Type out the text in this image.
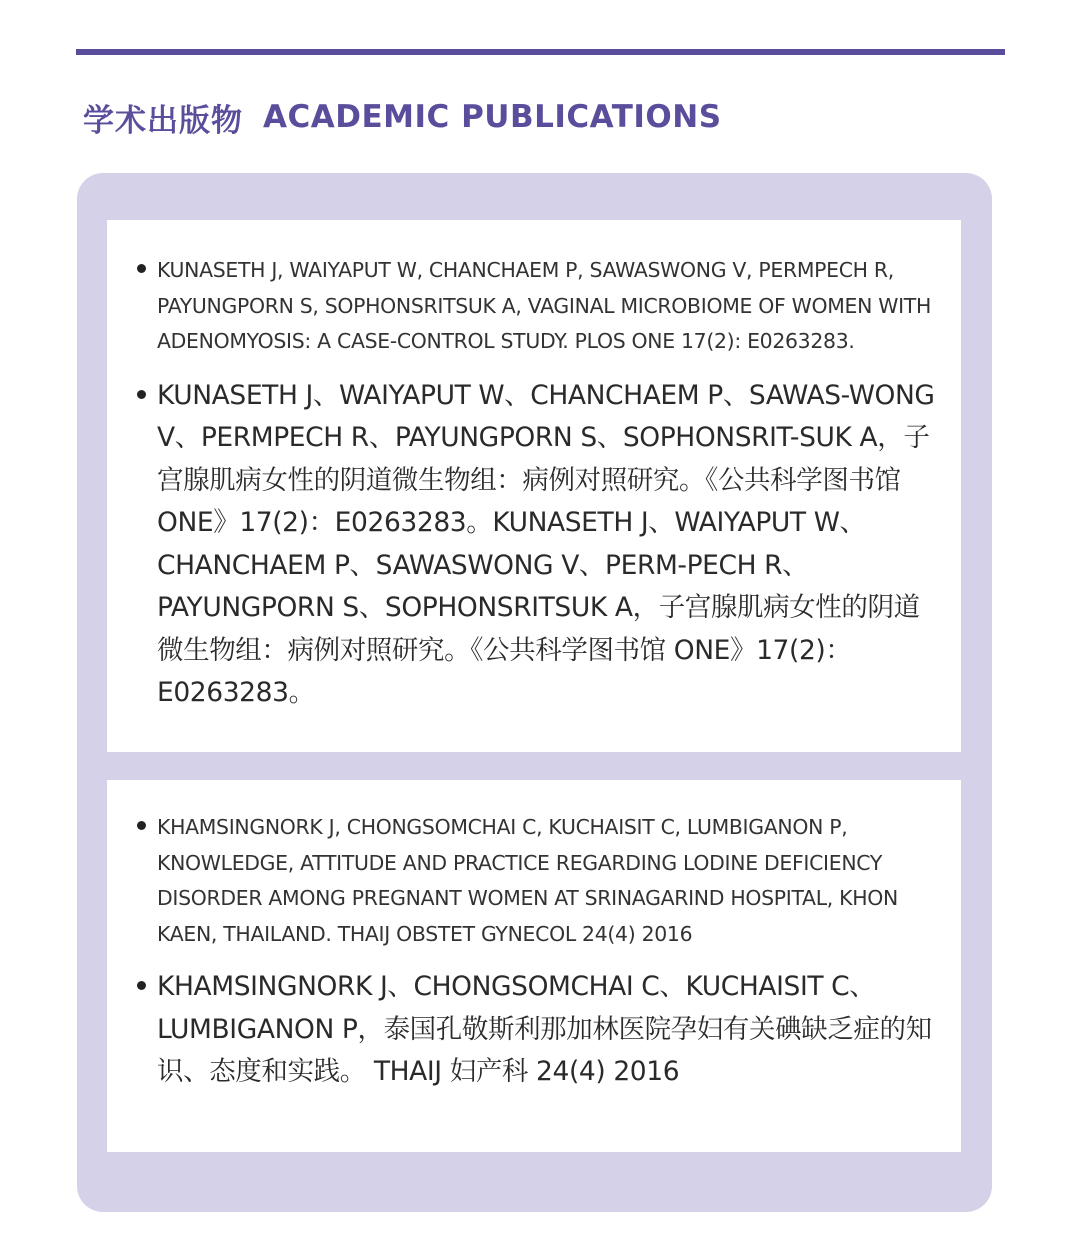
学术出版物 ACADEMIC PUBLICATIONS
KUNASETH J, WAIYAPUT W, CHANCHAEM P, SAWASWONG V, PERMPECH R, PAYUNGPORN S, SOPHONSRITSUK A, VAGINAL MICROBIOME OF WOMEN WITH ADENOMYOSIS: A CASE-CONTROL STUDY. PLOS ONE 17(2): E0263283.
KUNASETH J、WAIYAPUT W、CHANCHAEM P、SAWAS-WONG V、PERMPECH R、PAYUNGPORN S、SOPHONSRIT-SUK A，子宫腺肌病女性的阴道微生物组：病例对照研究。《公共科学图书馆 ONE》17(2)：E0263283。KUNASETH J、WAIYAPUT W、CHANCHAEM P、SAWASWONG V、PERM-PECH R、PAYUNGPORN S、SOPHONSRITSUK A，子宫腺肌病女性的阴道微生物组：病例对照研究。《公共科学图书馆 ONE》17(2)：E0263283。
KHAMSINGNORK J, CHONGSOMCHAI C, KUCHAISIT C, LUMBIGANON P, KNOWLEDGE, ATTITUDE AND PRACTICE REGARDING LODINE DEFICIENCY DISORDER AMONG PREGNANT WOMEN AT SRINAGARIND HOSPITAL, KHON KAEN, THAILAND. THAIJ OBSTET GYNECOL 24(4) 2016
KHAMSINGNORK J、CHONGSOMCHAI C、KUCHAISIT C、LUMBIGANON P，泰国孔敬斯利那加林医院孕妇有关碘缺乏症的知识、态度和实践。 THAIJ 妇产科 24(4) 2016
